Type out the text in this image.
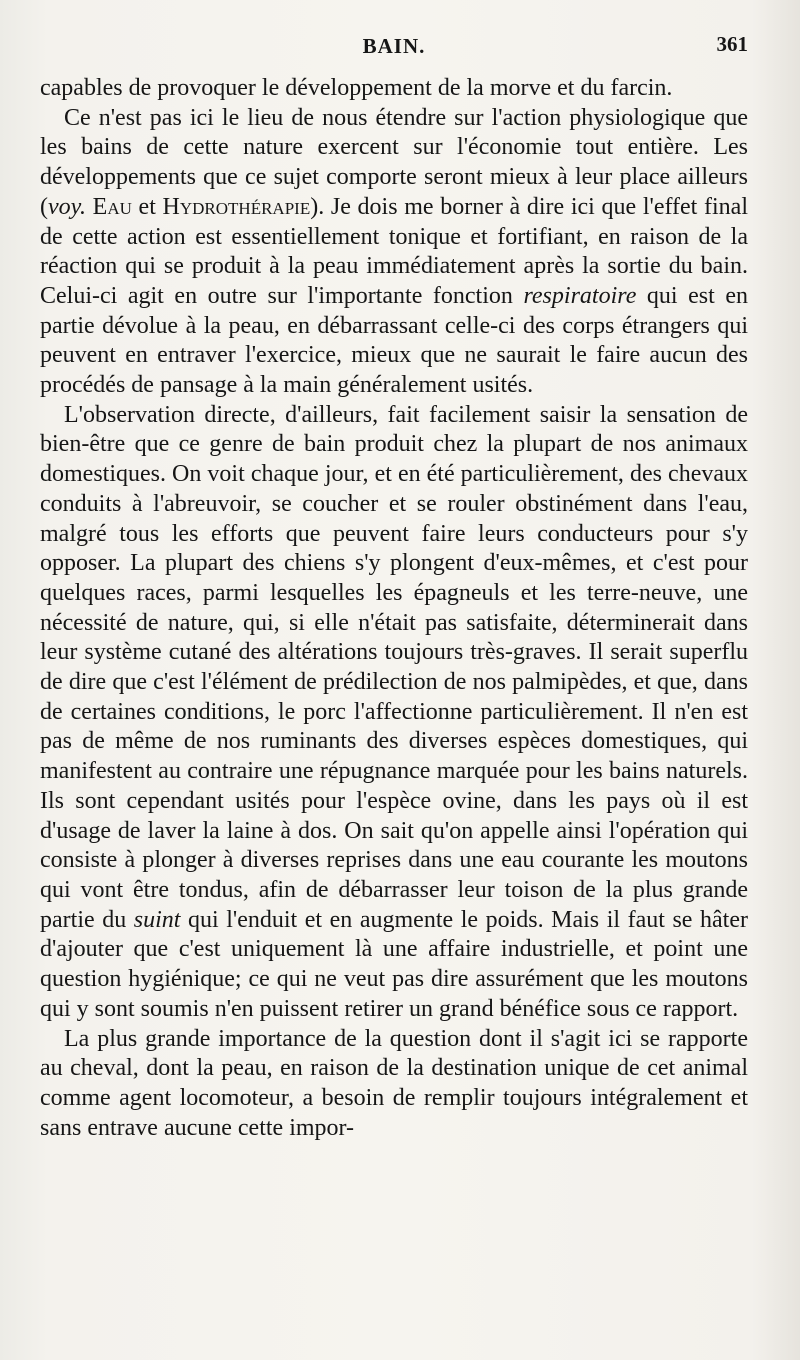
BAIN.	361

capables de provoquer le développement de la morve et du farcin.

Ce n'est pas ici le lieu de nous étendre sur l'action physiologique que les bains de cette nature exercent sur l'économie tout entière. Les développements que ce sujet comporte seront mieux à leur place ailleurs (voy. Eau et Hydrothérapie). Je dois me borner à dire ici que l'effet final de cette action est essentiellement tonique et fortifiant, en raison de la réaction qui se produit à la peau immédiatement après la sortie du bain. Celui-ci agit en outre sur l'importante fonction respiratoire qui est en partie dévolue à la peau, en débarrassant celle-ci des corps étrangers qui peuvent en entraver l'exercice, mieux que ne saurait le faire aucun des procédés de pansage à la main généralement usités.

L'observation directe, d'ailleurs, fait facilement saisir la sensation de bien-être que ce genre de bain produit chez la plupart de nos animaux domestiques. On voit chaque jour, et en été particulièrement, des chevaux conduits à l'abreuvoir, se coucher et se rouler obstinément dans l'eau, malgré tous les efforts que peuvent faire leurs conducteurs pour s'y opposer. La plupart des chiens s'y plongent d'eux-mêmes, et c'est pour quelques races, parmi lesquelles les épagneuls et les terre-neuve, une nécessité de nature, qui, si elle n'était pas satisfaite, déterminerait dans leur système cutané des altérations toujours très-graves. Il serait superflu de dire que c'est l'élément de prédilection de nos palmipèdes, et que, dans de certaines conditions, le porc l'affectionne particulièrement. Il n'en est pas de même de nos ruminants des diverses espèces domestiques, qui manifestent au contraire une répugnance marquée pour les bains naturels. Ils sont cependant usités pour l'espèce ovine, dans les pays où il est d'usage de laver la laine à dos. On sait qu'on appelle ainsi l'opération qui consiste à plonger à diverses reprises dans une eau courante les moutons qui vont être tondus, afin de débarrasser leur toison de la plus grande partie du suint qui l'enduit et en augmente le poids. Mais il faut se hâter d'ajouter que c'est uniquement là une affaire industrielle, et point une question hygiénique; ce qui ne veut pas dire assurément que les moutons qui y sont soumis n'en puissent retirer un grand bénéfice sous ce rapport.

La plus grande importance de la question dont il s'agit ici se rapporte au cheval, dont la peau, en raison de la destination unique de cet animal comme agent locomoteur, a besoin de remplir toujours intégralement et sans entrave aucune cette impor-
